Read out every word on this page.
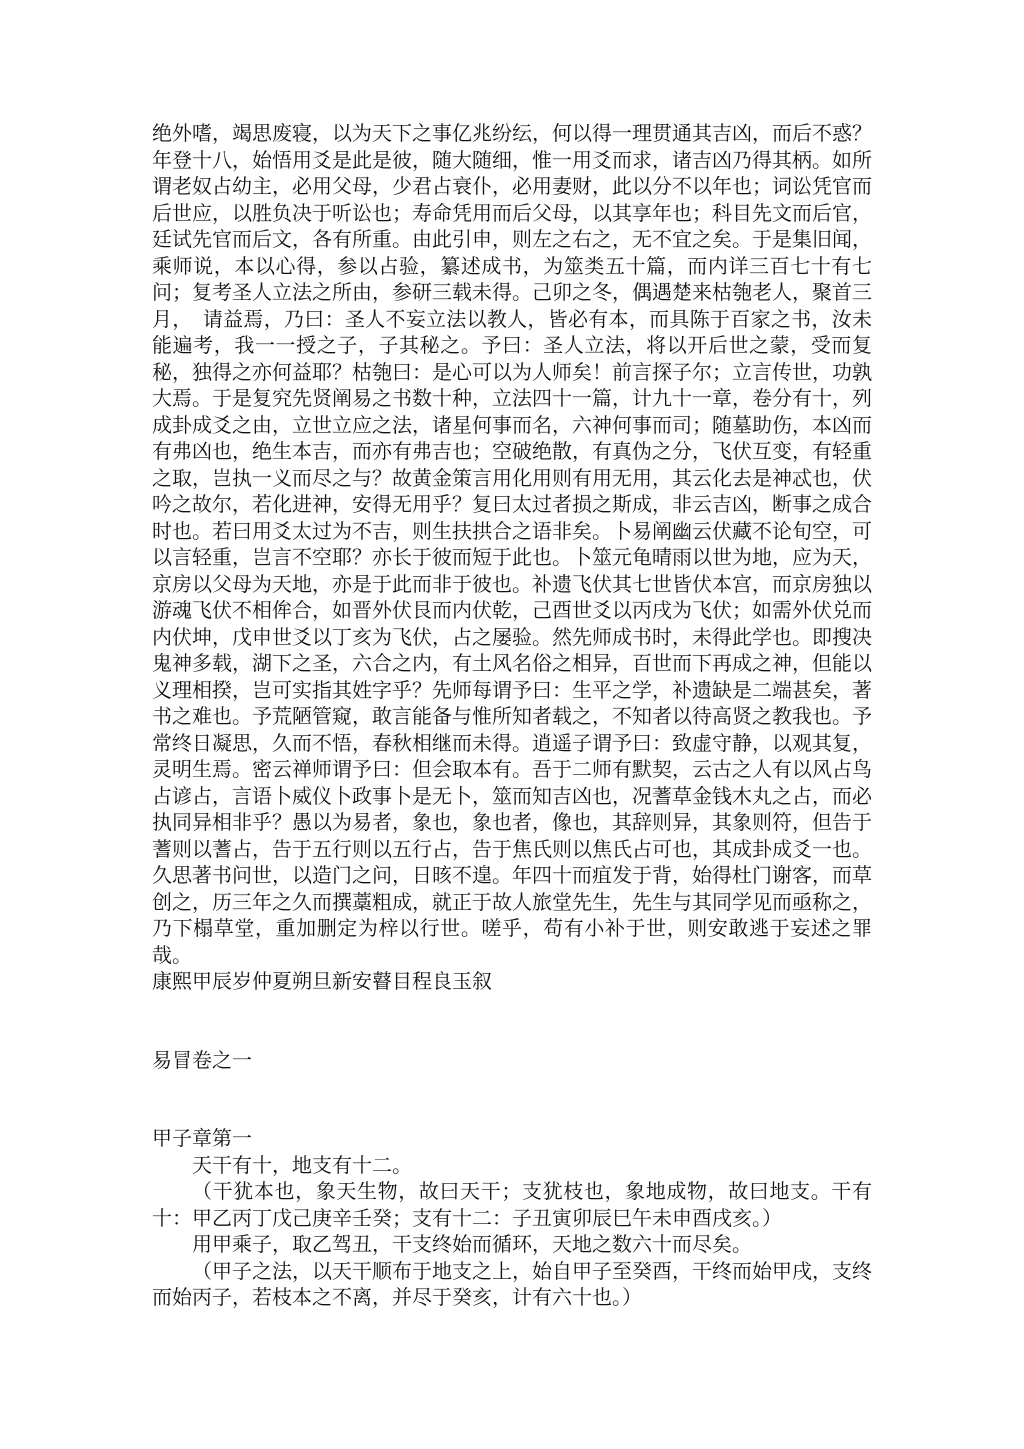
绝外嗜，竭思废寝，以为天下之事亿兆纷纭，何以得一理贯通其吉凶，而后不惑？年登十八，始悟用爻是此是彼，随大随细，惟一用爻而求，诸吉凶乃得其柄。如所谓老奴占幼主，必用父母，少君占衰仆，必用妻财，此以分不以年也；词讼凭官而后世应，以胜负决于听讼也；寿命凭用而后父母，以其享年也；科目先文而后官，廷试先官而后文，各有所重。由此引申，则左之右之，无不宜之矣。于是集旧闻，乘师说，本以心得，参以占验，纂述成书，为筮类五十篇，而内详三百七十有七问；复考圣人立法之所由，参研三载未得。己卯之冬，偶遇楚来枯匏老人，聚首三月，　请益焉，乃曰：圣人不妄立法以教人，皆必有本，而具陈于百家之书，汝未能遍考，我一一授之子，子其秘之。予曰：圣人立法，将以开后世之蒙，受而复秘，独得之亦何益耶？枯匏曰：是心可以为人师矣！前言探子尔；立言传世，功孰大焉。于是复究先贤阐易之书数十种，立法四十一篇，计九十一章，卷分有十，列成卦成爻之由，立世立应之法，诸星何事而名，六神何事而司；随墓助伤，本凶而有弗凶也，绝生本吉，而亦有弗吉也；空破绝散，有真伪之分，飞伏互变，有轻重之取，岂执一义而尽之与？故黄金策言用化用则有用无用，其云化去是神忒也，伏吟之故尔，若化进神，安得无用乎？复曰太过者损之斯成，非云吉凶，断事之成合时也。若曰用爻太过为不吉，则生扶拱合之语非矣。卜易阐幽云伏藏不论旬空，可以言轻重，岂言不空耶？亦长于彼而短于此也。卜筮元龟晴雨以世为地，应为天，京房以父母为天地，亦是于此而非于彼也。补遗飞伏其七世皆伏本宫，而京房独以游魂飞伏不相侔合，如晋外伏艮而内伏乾，己酉世爻以丙戌为飞伏；如需外伏兑而内伏坤，戊申世爻以丁亥为飞伏，占之屡验。然先师成书时，未得此学也。即搜决鬼神多载，湖下之圣，六合之内，有土风名俗之相异，百世而下再成之神，但能以义理相揆，岂可实指其姓字乎？先师每谓予曰：生平之学，补遗缺是二端甚矣，著书之难也。予荒陋管窥，敢言能备与惟所知者载之，不知者以待高贤之教我也。予常终日凝思，久而不悟，春秋相继而未得。逍遥子谓予曰：致虚守静，以观其复，灵明生焉。密云禅师谓予曰：但会取本有。吾于二师有默契，云古之人有以风占鸟占谚占，言语卜威仪卜政事卜是无卜，筮而知吉凶也，况蓍草金钱木丸之占，而必执同异相非乎？愚以为易者，象也，象也者，像也，其辞则异，其象则符，但告于蓍则以蓍占，告于五行则以五行占，告于焦氏则以焦氏占可也，其成卦成爻一也。久思著书问世，以造门之问，日晐不遑。年四十而疽发于背，始得杜门谢客，而草创之，历三年之久而撰藁粗成，就正于故人旅堂先生，先生与其同学见而亟称之，乃下榻草堂，重加删定为梓以行世。嗟乎，苟有小补于世，则安敢逃于妄述之罪哉。

康熙甲辰岁仲夏朔旦新安瞽目程良玉叙

易冒卷之一
甲子章第一

天干有十，地支有十二。

（干犹本也，象天生物，故曰天干；支犹枝也，象地成物，故曰地支。干有十：甲乙丙丁戊己庚辛壬癸；支有十二：子丑寅卯辰巳午未申酉戌亥。）

用甲乘子，取乙驾丑，干支终始而循环，天地之数六十而尽矣。

（甲子之法，以天干顺布于地支之上，始自甲子至癸酉，干终而始甲戌，支终而始丙子，若枝本之不离，并尽于癸亥，计有六十也。）
